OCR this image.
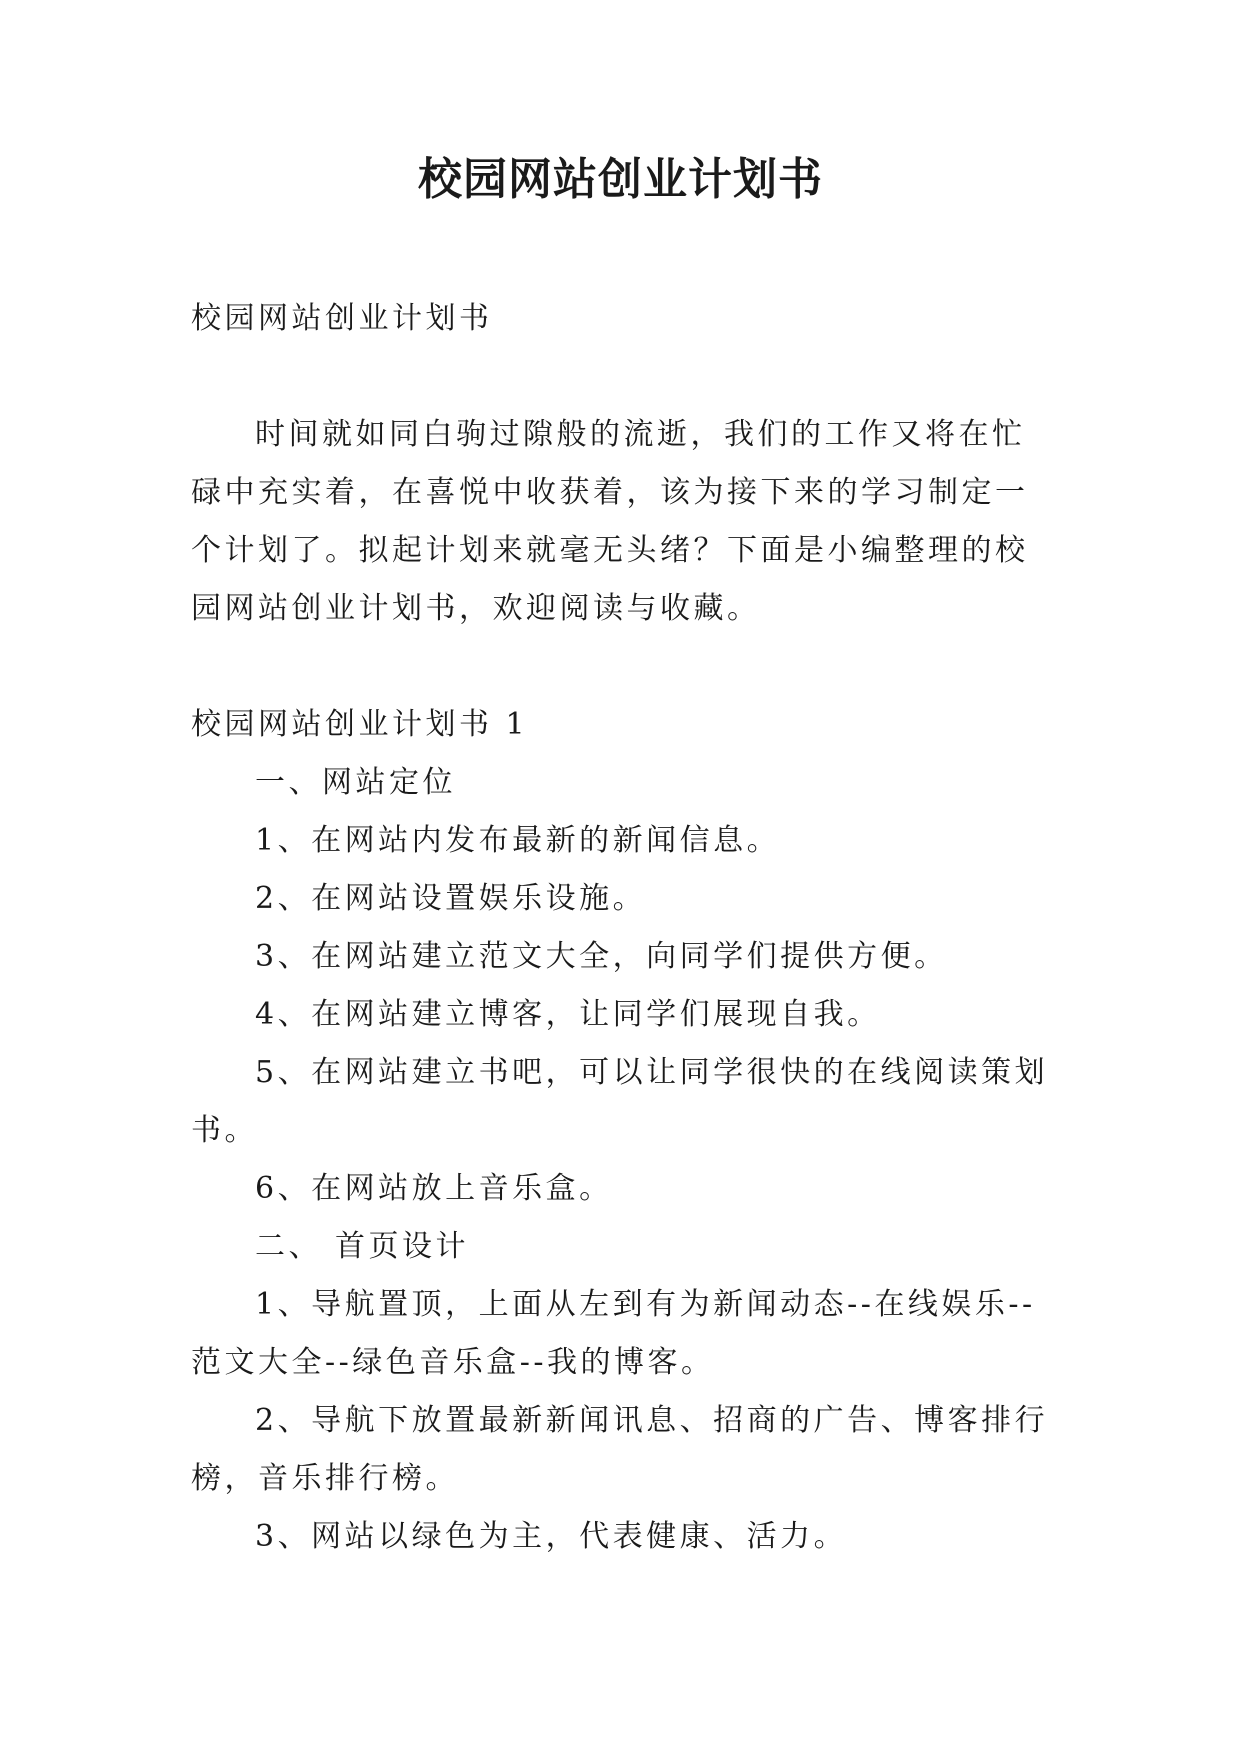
校园网站创业计划书

校园网站创业计划书

时间就如同白驹过隙般的流逝，我们的工作又将在忙碌中充实着，在喜悦中收获着，该为接下来的学习制定一个计划了。拟起计划来就毫无头绪？下面是小编整理的校园网站创业计划书，欢迎阅读与收藏。

校园网站创业计划书 1

一、网站定位

1、在网站内发布最新的新闻信息。

2、在网站设置娱乐设施。

3、在网站建立范文大全，向同学们提供方便。

4、在网站建立博客，让同学们展现自我。

5、在网站建立书吧，可以让同学很快的在线阅读策划书。

6、在网站放上音乐盒。

二、 首页设计

1、导航置顶，上面从左到有为新闻动态--在线娱乐--范文大全--绿色音乐盒--我的博客。

2、导航下放置最新新闻讯息、招商的广告、博客排行榜，音乐排行榜。

3、网站以绿色为主，代表健康、活力。
